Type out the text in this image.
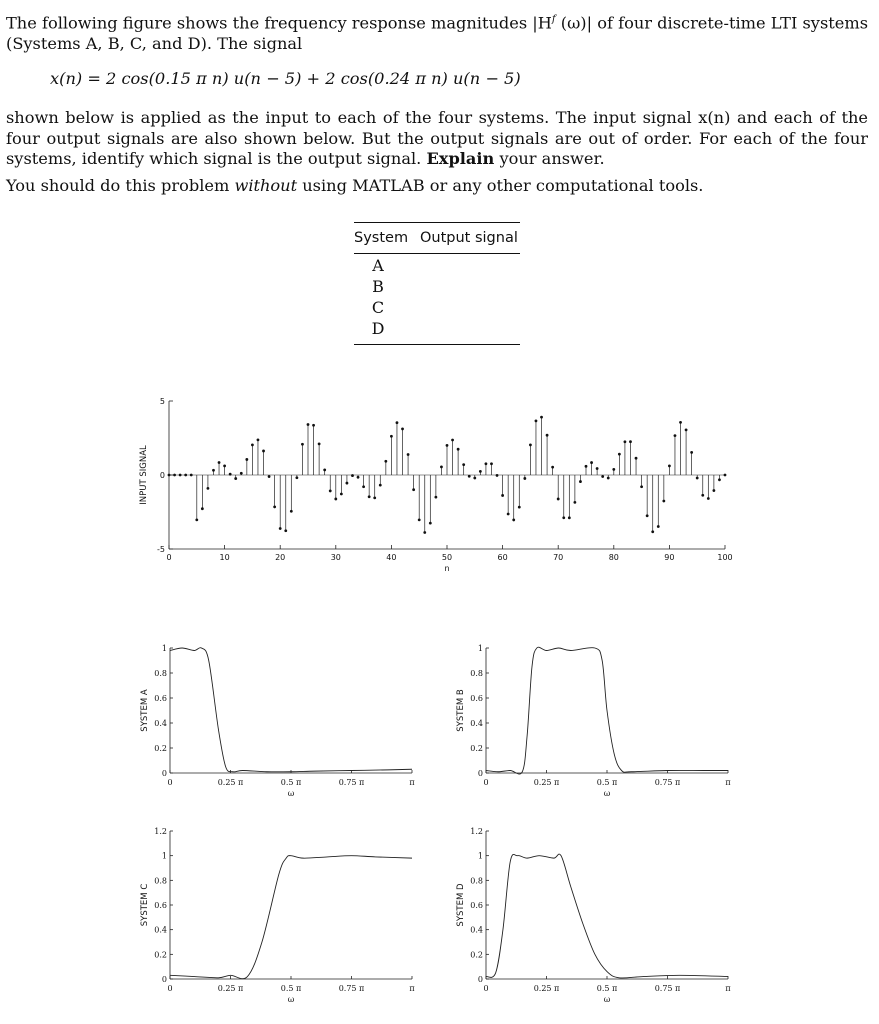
The following figure shows the frequency response magnitudes $|H^f$ (ω)| of four discrete-time LTI systems (Systems A, B, C, and D). The signal
x(n) = 2 cos(0.15 π n) u(n − 5) + 2 cos(0.24 π n) u(n − 5)
shown below is applied as the input to each of the four systems. The input signal x(n) and each of the four output signals are also shown below. But the output signals are out of order. For each of the four systems, identify which signal is the output signal. Explain your answer.
You should do this problem without using MATLAB or any other computational tools.
System Output signal
A
B
C
D
5
0
-5
0	10	20	30	40	50	60	70	80	90	100
n
INPUT SIGNAL
0
0.2
0.4
0.6
0.8
1
0	0.25 π	0.5 π	0.75 π	π
ω
SYSTEM A
0
0.2
0.4
0.6
0.8
1
0	0.25 π	0.5 π	0.75 π	π
ω
SYSTEM B
0
0.2
0.4
0.6
0.8
1
1.2
0	0.25 π	0.5 π	0.75 π	π
ω
SYSTEM C
0
0.2
0.4
0.6
0.8
1
1.2
0	0.25 π	0.5 π	0.75 π	π
ω
SYSTEM D
